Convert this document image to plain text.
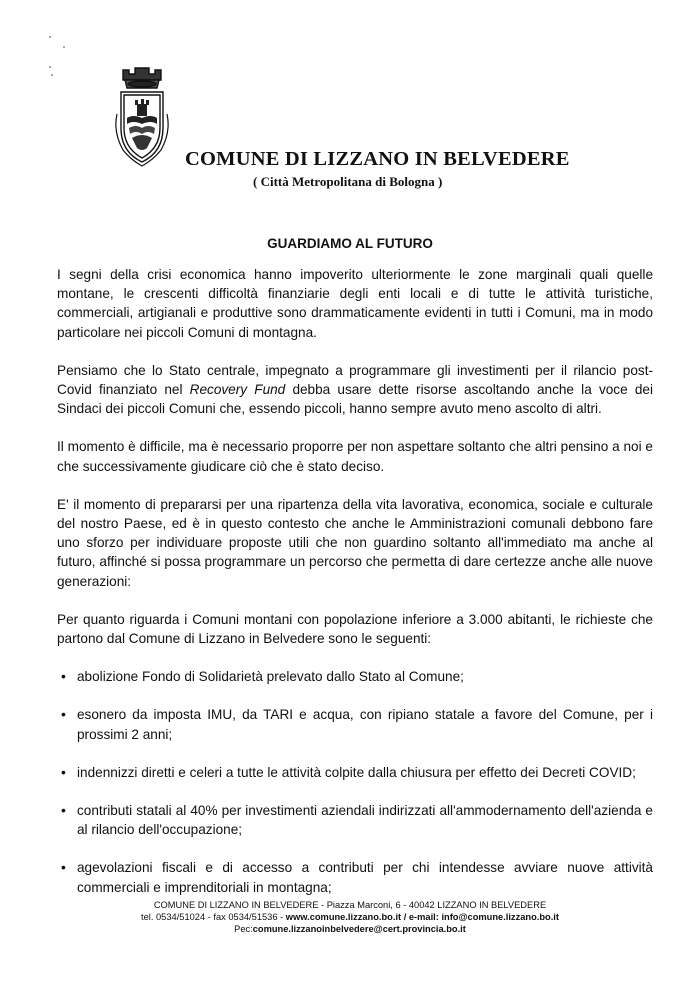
COMUNE DI LIZZANO IN BELVEDERE
( Città Metropolitana di Bologna )
GUARDIAMO AL FUTURO

I segni della crisi economica hanno impoverito ulteriormente le zone marginali quali quelle montane, le crescenti difficoltà finanziarie degli enti locali e di tutte le attività turistiche, commerciali, artigianali e produttive sono drammaticamente evidenti in tutti i Comuni, ma in modo particolare nei piccoli Comuni di montagna.

Pensiamo che lo Stato centrale, impegnato a programmare gli investimenti per il rilancio post-Covid finanziato nel Recovery Fund debba usare dette risorse ascoltando anche la voce dei Sindaci dei piccoli Comuni che, essendo piccoli, hanno sempre avuto meno ascolto di altri.

Il momento è difficile, ma è necessario proporre per non aspettare soltanto che altri pensino a noi e che successivamente giudicare ciò che è stato deciso.

E' il momento di prepararsi per una ripartenza della vita lavorativa, economica, sociale e culturale del nostro Paese, ed è in questo contesto che anche le Amministrazioni comunali debbono fare uno sforzo per individuare proposte utili che non guardino soltanto all'immediato ma anche al futuro, affinché si possa programmare un percorso che permetta di dare certezze anche alle nuove generazioni:

Per quanto riguarda i Comuni montani con popolazione inferiore a 3.000 abitanti, le richieste che partono dal Comune di Lizzano in Belvedere sono le seguenti:

• abolizione Fondo di Solidarietà prelevato dallo Stato al Comune;
• esonero da imposta IMU, da TARI e acqua, con ripiano statale a favore del Comune, per i prossimi 2 anni;
• indennizzi diretti e celeri a tutte le attività colpite dalla chiusura per effetto dei Decreti COVID;
• contributi statali al 40% per investimenti aziendali indirizzati all'ammodernamento dell'azienda e al rilancio dell'occupazione;
• agevolazioni fiscali e di accesso a contributi per chi intendesse avviare nuove attività commerciali e imprenditoriali in montagna;
COMUNE DI LIZZANO IN BELVEDERE - Piazza Marconi, 6 - 40042 LIZZANO IN BELVEDERE
tel. 0534/51024 - fax 0534/51536 - www.comune.lizzano.bo.it / e-mail: info@comune.lizzano.bo.it
Pec:comune.lizzanoinbelvedere@cert.provincia.bo.it
